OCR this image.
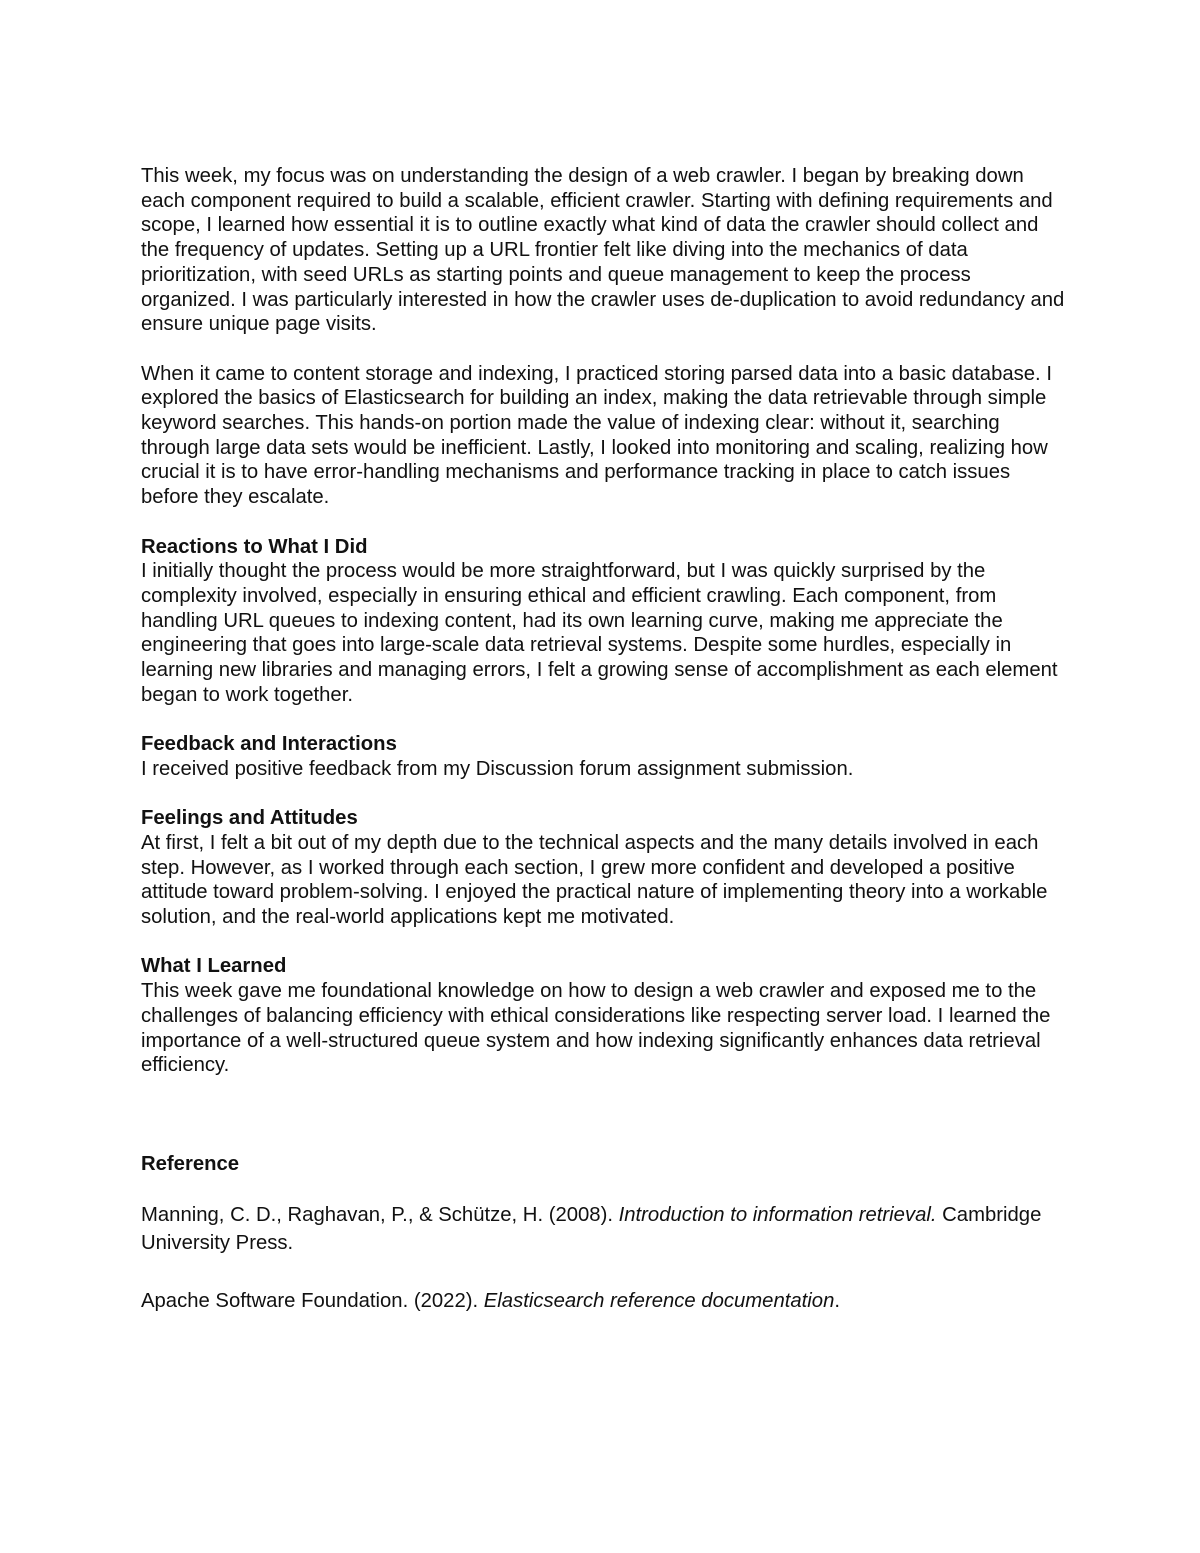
This week, my focus was on understanding the design of a web crawler. I began by breaking down each component required to build a scalable, efficient crawler. Starting with defining requirements and scope, I learned how essential it is to outline exactly what kind of data the crawler should collect and the frequency of updates. Setting up a URL frontier felt like diving into the mechanics of data prioritization, with seed URLs as starting points and queue management to keep the process organized. I was particularly interested in how the crawler uses de-duplication to avoid redundancy and ensure unique page visits.

When it came to content storage and indexing, I practiced storing parsed data into a basic database. I explored the basics of Elasticsearch for building an index, making the data retrievable through simple keyword searches. This hands-on portion made the value of indexing clear: without it, searching through large data sets would be inefficient. Lastly, I looked into monitoring and scaling, realizing how crucial it is to have error-handling mechanisms and performance tracking in place to catch issues before they escalate.

Reactions to What I Did

I initially thought the process would be more straightforward, but I was quickly surprised by the complexity involved, especially in ensuring ethical and efficient crawling. Each component, from handling URL queues to indexing content, had its own learning curve, making me appreciate the engineering that goes into large-scale data retrieval systems. Despite some hurdles, especially in learning new libraries and managing errors, I felt a growing sense of accomplishment as each element began to work together.

Feedback and Interactions

I received positive feedback from my Discussion forum assignment submission.

Feelings and Attitudes

At first, I felt a bit out of my depth due to the technical aspects and the many details involved in each step. However, as I worked through each section, I grew more confident and developed a positive attitude toward problem-solving. I enjoyed the practical nature of implementing theory into a workable solution, and the real-world applications kept me motivated.

What I Learned

This week gave me foundational knowledge on how to design a web crawler and exposed me to the challenges of balancing efficiency with ethical considerations like respecting server load. I learned the importance of a well-structured queue system and how indexing significantly enhances data retrieval efficiency.

Reference

Manning, C. D., Raghavan, P., & Schütze, H. (2008). Introduction to information retrieval. Cambridge University Press.

Apache Software Foundation. (2022). Elasticsearch reference documentation.
